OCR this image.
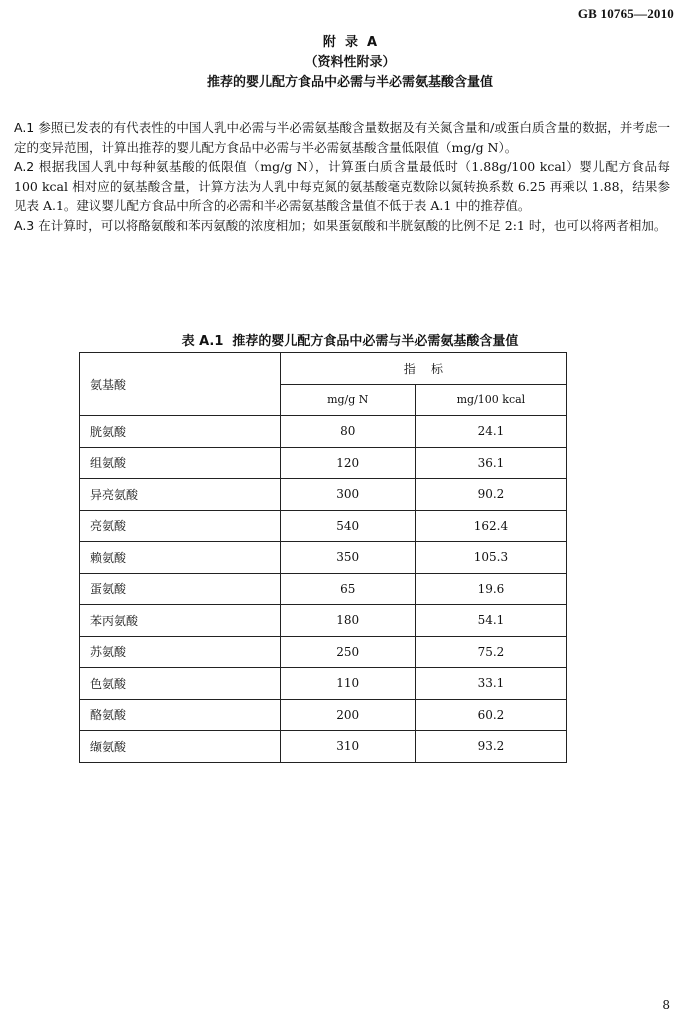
GB 10765—2010
附  录  A
（资料性附录）
推荐的婴儿配方食品中必需与半必需氨基酸含量值

A.1 参照已发表的有代表性的中国人乳中必需与半必需氨基酸含量数据及有关氮含量和/或蛋白质含量的数据，并考虑一定的变异范围，计算出推荐的婴儿配方食品中必需与半必需氨基酸含量低限值（mg/g N）。

A.2 根据我国人乳中每种氨基酸的低限值（mg/g N），计算蛋白质含量最低时（1.88g/100 kcal）婴儿配方食品每 100 kcal 相对应的氨基酸含量，计算方法为人乳中每克氮的氨基酸毫克数除以氮转换系数 6.25 再乘以 1.88，结果参见表 A.1。建议婴儿配方食品中所含的必需和半必需氨基酸含量值不低于表 A.1 中的推荐值。

A.3 在计算时，可以将酪氨酸和苯丙氨酸的浓度相加；如果蛋氨酸和半胱氨酸的比例不足 2:1 时，也可以将两者相加。

表 A.1  推荐的婴儿配方食品中必需与半必需氨基酸含量值
氨基酸	指    标	
	mg/g N	mg/100 kcal
胱氨酸	80	24.1
组氨酸	120	36.1
异亮氨酸	300	90.2
亮氨酸	540	162.4
赖氨酸	350	105.3
蛋氨酸	65	19.6
苯丙氨酸	180	54.1
苏氨酸	250	75.2
色氨酸	110	33.1
酪氨酸	200	60.2
缬氨酸	310	93.2
8
